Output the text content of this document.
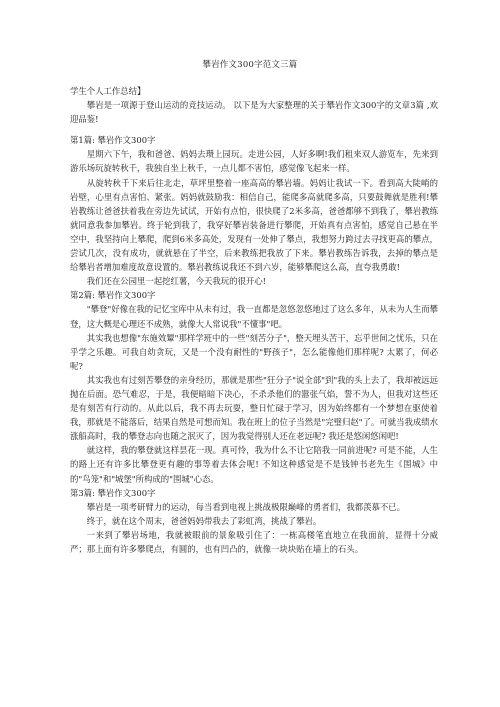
攀岩作文300字范文三篇

学生个人工作总结】

攀岩是一项源于登山运动的竞技运动。 以下是为大家整理的关于攀岩作文300字的文章3篇 ,欢迎品鉴!

第1篇: 攀岩作文300字

星期六下午，我和爸爸、妈妈去瓒上园玩。走进公园，人好多啊!我们租来双人游览车，先来到游乐场玩旋转秋千，我独自坐上秋千，一点儿都不害怕，感觉像飞起来一样。

从旋转秋千下来后往北走，草坪里整着一座高高的攀岩墙。妈妈让我试一下。看到高大陡峭的岩壁，心里有点害怕、紧张。妈妈就鼓励我：相信自己，能爬多高就爬多高，只要鼓舞就是胜利!攀岩教练让爸爸扶着我在旁边先试试，开始有点怕，很快爬了2米多高，爸爸都够不到我了，攀岩教练就同意我参加攀岩。终于轮到我了，我穿好攀岩装备进行攀爬，开始真有点害怕，感觉自己悬在半空中，我坚持向上攀爬，爬到6米多高处，发现有一处伸了攀点，我想努力跨过去寻找更高的攀点，尝试几次，没有成功，就就悬在了半空，后来教练把我放了下来。攀岩教练告诉我，去掉的攀点是给攀岩者增加难度故意设置的。攀岩教练说我还不到六岁，能够攀爬这么高，直夸我勇敢!

我们还在公园里一起挖红薯，今天我玩的很开心!

第2篇: 攀岩作文300字

"攀登"好像在我的记忆宝库中从未有过，我一直都是忽悠忽悠地过了这么多年，从未为人生而攀登，这大概是心理还不成熟，就像大人常说我"不懂事"吧。

其实我也想像"东施效颦"那样学班中的一些"刻苦分子"，整天埋头苦干，忘乎世间之忧乐，只在乎学之乐趣。可我自幼贪玩，又是一个没有耐性的"野孩子"，怎么能像他们那样呢? 太累了，何必呢?

其实我也有过刻苦攀登的亲身经历，那就是那些"狂分子"说全部"到"我的头上去了，我却被远远抛在后面。恐气难忍，于是，我便暗暗下决心，不杀杀他们的嚣张气焰，誓不为人，但我对这些还是有刻苦有行动的。从此以后，我不再去玩耍，整日忙碌于学习，因为始终都有一个梦想在驱使着我，那就是不能落后，结果自然是可想而知。我在班上的位子当然是"完璧归赵"了。可就当我成绩水涨船高时，我的攀登志向也随之泯灭了，因为我觉得别人还在老远呢? 我还是悠闲悠闲吧!

就这样，我的攀登就这样昙花一现。真可怜，我为什么不让它陪我一同前进呢? 可是不能，人生的路上还有许多比攀登更有趣的事等着去体会呢! 不知这种感觉是不是钱钟书老先生《围城》中的"鸟笼"和"城堡"所构成的"围城"心态。

第3篇: 攀岩作文300字

攀岩是一项考研臂力的运动，每当看到电视上挑战极限巅峰的勇者们，我都羡慕不已。

终于，就在这个周末，爸爸妈妈带我去了彩虹湾，挑战了攀岩。

一来到了攀岩场地，我就被眼前的景象吸引住了：一栋高楼笔直地立在我面前，显得十分威严；那上面有许多攀爬点，有圆的，也有凹凸的，就像一块块贴在墙上的石头。
